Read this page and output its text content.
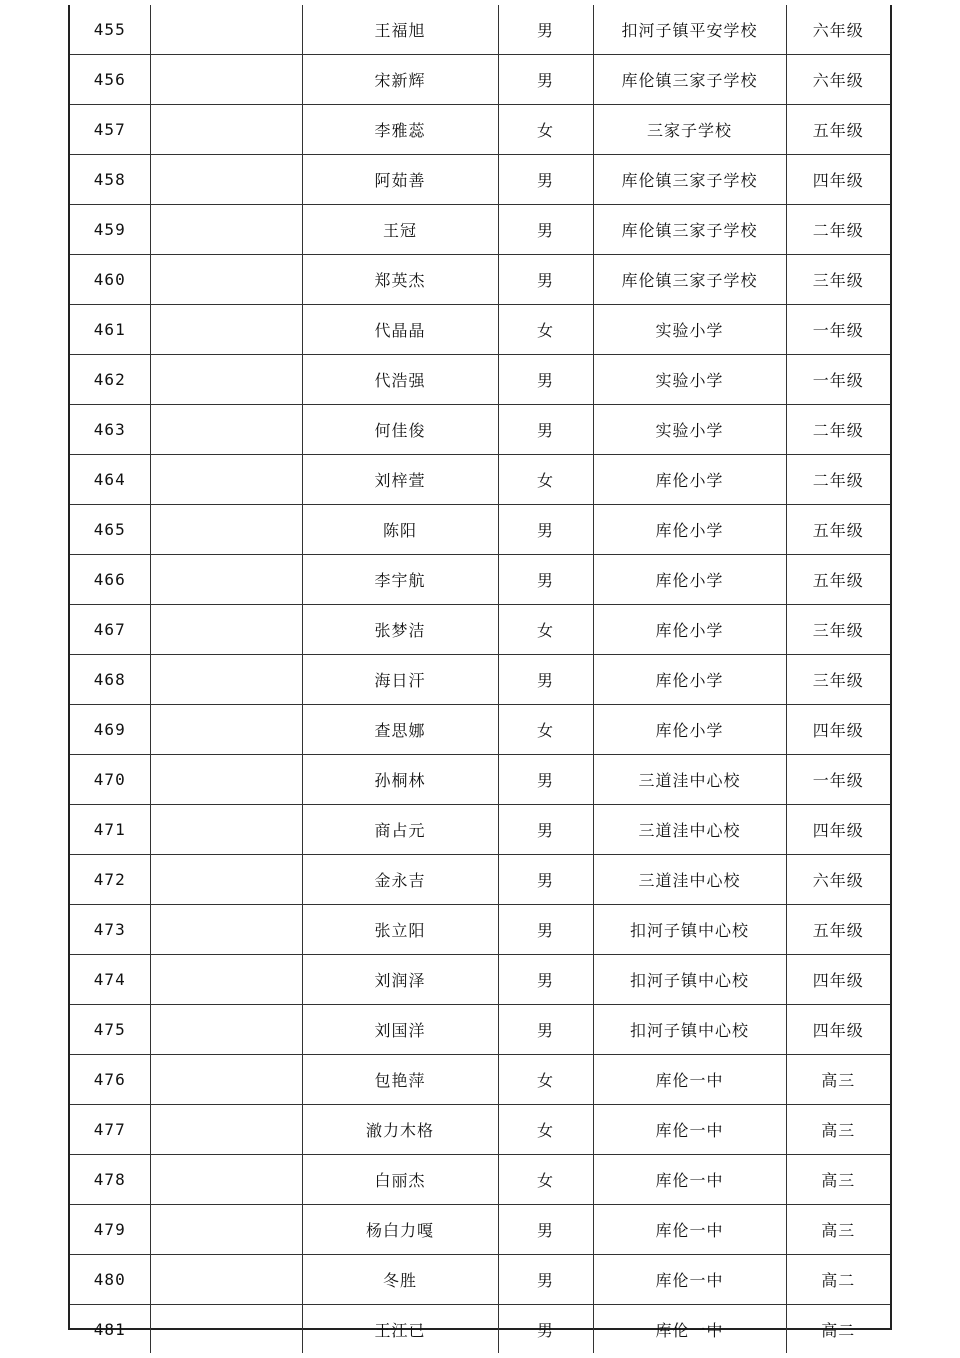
455		王福旭	男	扣河子镇平安学校	六年级
456		宋新辉	男	库伦镇三家子学校	六年级
457		李雅蕊	女	三家子学校	五年级
458		阿茹善	男	库伦镇三家子学校	四年级
459		王冠	男	库伦镇三家子学校	二年级
460		郑英杰	男	库伦镇三家子学校	三年级
461		代晶晶	女	实验小学	一年级
462		代浩强	男	实验小学	一年级
463		何佳俊	男	实验小学	二年级
464		刘梓萱	女	库伦小学	二年级
465		陈阳	男	库伦小学	五年级
466		李宇航	男	库伦小学	五年级
467		张梦洁	女	库伦小学	三年级
468		海日汗	男	库伦小学	三年级
469		查思娜	女	库伦小学	四年级
470		孙桐林	男	三道洼中心校	一年级
471		商占元	男	三道洼中心校	四年级
472		金永吉	男	三道洼中心校	六年级
473		张立阳	男	扣河子镇中心校	五年级
474		刘润泽	男	扣河子镇中心校	四年级
475		刘国洋	男	扣河子镇中心校	四年级
476		包艳萍	女	库伦一中	高三
477		澈力木格	女	库伦一中	高三
478		白丽杰	女	库伦一中	高三
479		杨白力嘎	男	库伦一中	高三
480		冬胜	男	库伦一中	高二
481		王江已	男	库伦一中	高二
